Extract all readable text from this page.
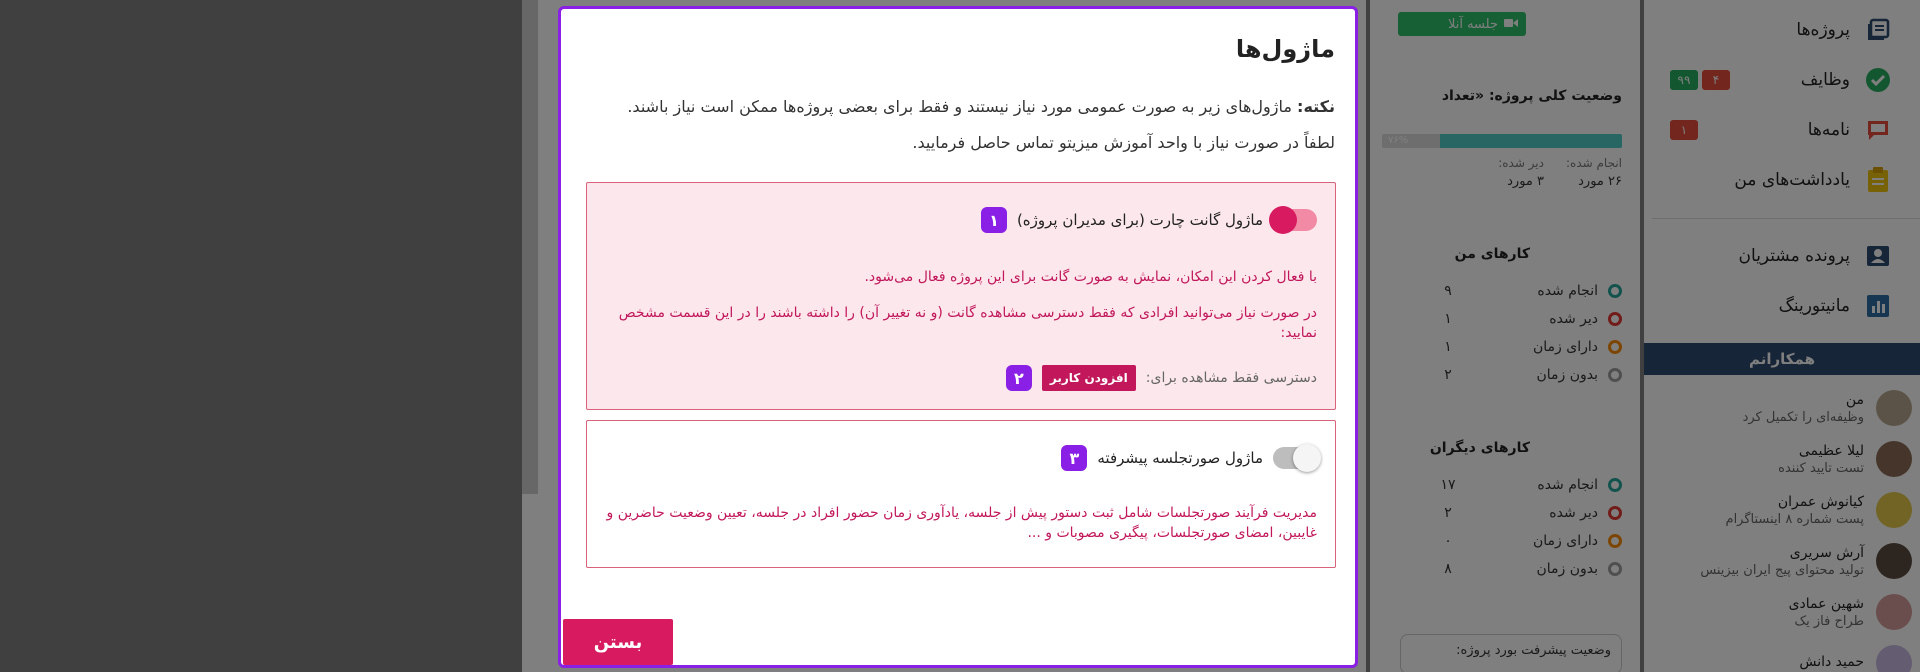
ماژول‌ها
نکته: ماژول‌های زیر به صورت عمومی مورد نیاز نیستند و فقط برای بعضی پروژه‌ها ممکن است نیاز باشند.
لطفاً در صورت نیاز با واحد آموزش میزیتو تماس حاصل فرمایید.
ماژول گانت چارت (برای مدیران پروژه)
۱
با فعال کردن این امکان، نمایش به صورت گانت برای این پروژه فعال می‌شود.
در صورت نیاز می‌توانید افرادی که فقط دسترسی مشاهده گانت (و نه تغییر آن) را داشته باشند را در این قسمت مشخص نمایید:
دسترسی فقط مشاهده برای:
افزودن کاربر
۲
ماژول صورتجلسه پیشرفته
۳
مدیریت فرآیند صورتجلسات شامل ثبت دستور پیش از جلسه، یادآوری زمان حضور افراد در جلسه، تعیین وضعیت حاضرین و غایبین، امضای صورتجلسات، پیگیری مصوبات و ...
بستن
